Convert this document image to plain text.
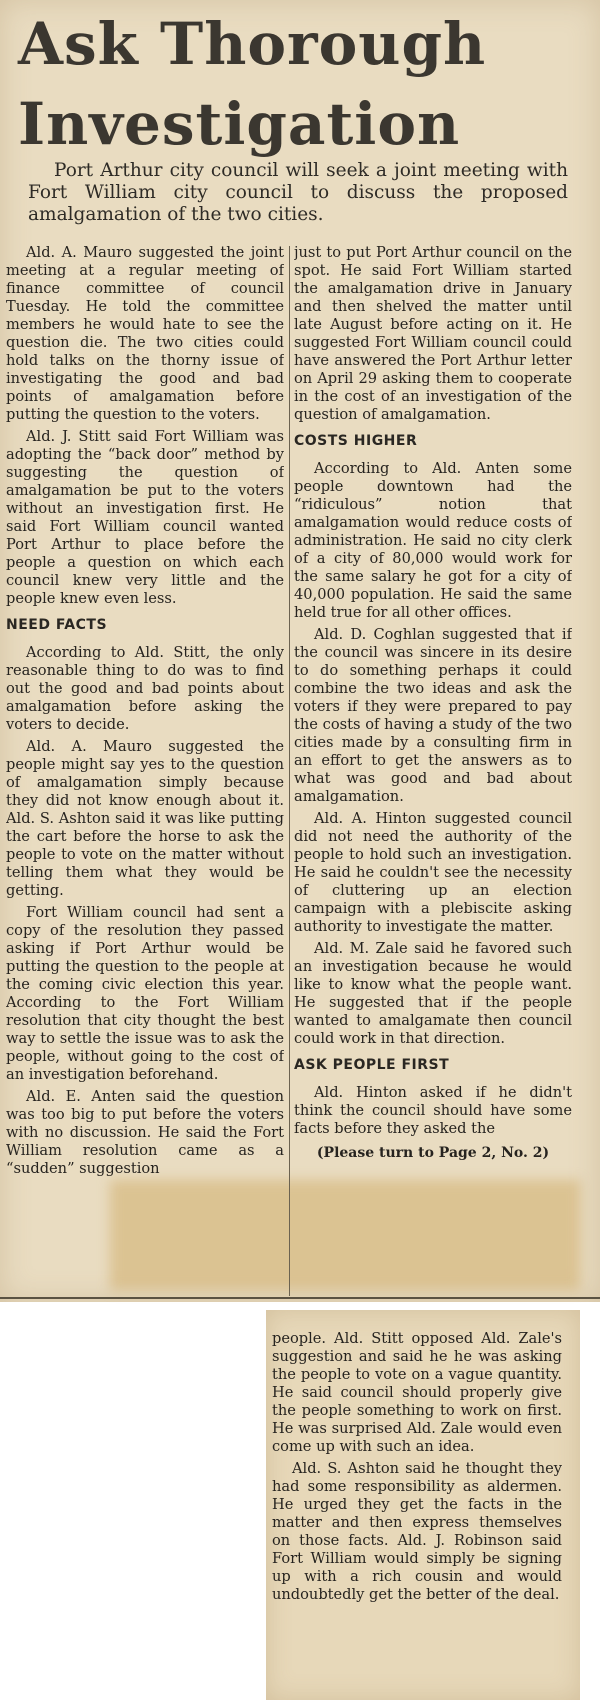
Ask Thorough Investigation

Port Arthur city council will seek a joint meeting with Fort William city council to discuss the proposed amalgamation of the two cities.

Ald. A. Mauro suggested the joint meeting at a regular meeting of finance committee of council Tuesday. He told the committee members he would hate to see the question die. The two cities could hold talks on the thorny issue of investigating the good and bad points of amalgamation before putting the question to the voters.

Ald. J. Stitt said Fort William was adopting the “back door” method by suggesting the question of amalgamation be put to the voters without an investigation first. He said Fort William council wanted Port Arthur to place before the people a question on which each council knew very little and the people knew even less.

NEED FACTS

According to Ald. Stitt, the only reasonable thing to do was to find out the good and bad points about amalgamation before asking the voters to decide.

Ald. A. Mauro suggested the people might say yes to the question of amalgamation simply because they did not know enough about it. Ald. S. Ashton said it was like putting the cart before the horse to ask the people to vote on the matter without telling them what they would be getting.

Fort William council had sent a copy of the resolution they passed asking if Port Arthur would be putting the question to the people at the coming civic election this year. According to the Fort William resolution that city thought the best way to settle the issue was to ask the people, without going to the cost of an investigation beforehand.

Ald. E. Anten said the question was too big to put before the voters with no discussion. He said the Fort William resolution came as a “sudden” suggestion

just to put Port Arthur council on the spot. He said Fort William started the amalgamation drive in January and then shelved the matter until late August before acting on it. He suggested Fort William council could have answered the Port Arthur letter on April 29 asking them to cooperate in the cost of an investigation of the question of amalgamation.

COSTS HIGHER

According to Ald. Anten some people downtown had the “ridiculous” notion that amalgamation would reduce costs of administration. He said no city clerk of a city of 80,000 would work for the same salary he got for a city of 40,000 population. He said the same held true for all other offices.

Ald. D. Coghlan suggested that if the council was sincere in its desire to do something perhaps it could combine the two ideas and ask the voters if they were prepared to pay the costs of having a study of the two cities made by a consulting firm in an effort to get the answers as to what was good and bad about amalgamation.

Ald. A. Hinton suggested council did not need the authority of the people to hold such an investigation. He said he couldn't see the necessity of cluttering up an election campaign with a plebiscite asking authority to investigate the matter.

Ald. M. Zale said he favored such an investigation because he would like to know what the people want. He suggested that if the people wanted to amalgamate then council could work in that direction.

ASK PEOPLE FIRST

Ald. Hinton asked if he didn't think the council should have some facts before they asked the

(Please turn to Page 2, No. 2)

people. Ald. Stitt opposed Ald. Zale's suggestion and said he he was asking the people to vote on a vague quantity. He said council should properly give the people something to work on first. He was surprised Ald. Zale would even come up with such an idea.

Ald. S. Ashton said he thought they had some responsibility as aldermen. He urged they get the facts in the matter and then express themselves on those facts. Ald. J. Robinson said Fort William would simply be signing up with a rich cousin and would undoubtedly get the better of the deal.
